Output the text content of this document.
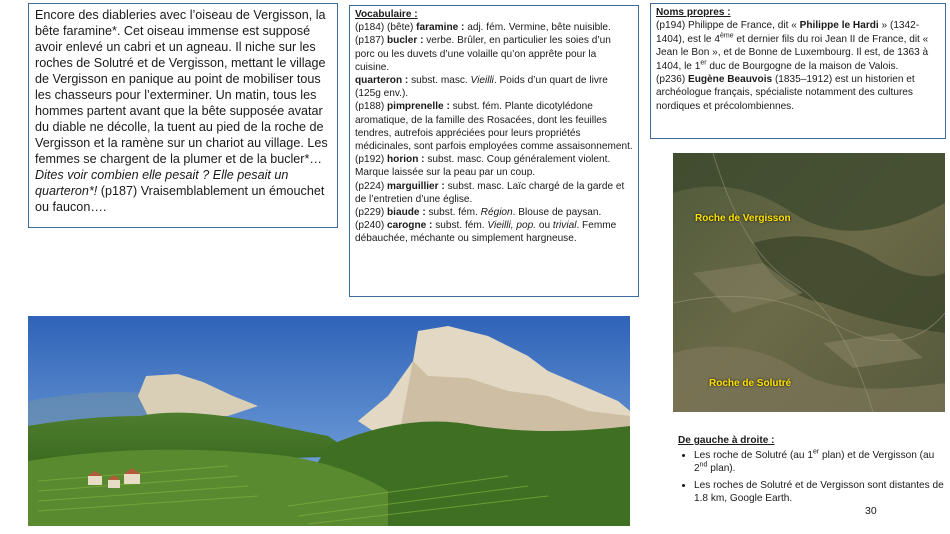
Encore des diableries avec l’oiseau de Vergisson, la bête faramine*. Cet oiseau immense est supposé avoir enlevé un cabri et un agneau. Il niche sur les roches de Solutré et de Vergisson, mettant le village de Vergisson en panique au point de mobiliser tous les chasseurs pour l’exterminer. Un matin, tous les hommes partent avant que la bête supposée avatar du diable ne décolle, la tuent au pied de la roche de Vergisson et la ramène sur un chariot au village. Les femmes se chargent de la plumer et de la bucler*… Dites voir combien elle pesait ? Elle pesait un quarteron*! (p187) Vraisemblablement un émouchet ou faucon….

Vocabulaire :

(p184) (bête) faramine : adj. fém. Vermine, bête nuisible.

(p187) bucler : verbe. Brûler, en particulier les soies d’un porc ou les duvets d’une volaille qu’on apprête pour la cuisine.

quarteron : subst. masc. Vieilli. Poids d’un quart de livre (125g env.).

(p188) pimprenelle : subst. fém. Plante dicotylédone aromatique, de la famille des Rosacées, dont les feuilles tendres, autrefois appréciées pour leurs propriétés médicinales, sont parfois employées comme assaisonnement.

(p192) horion : subst. masc. Coup généralement violent. Marque laissée sur la peau par un coup.

(p224) marguillier : subst. masc. Laïc chargé de la garde et de l’entretien d’une église.

(p229) biaude : subst. fém. Région. Blouse de paysan.

(p240) carogne : subst. fém. Vieilli, pop. ou trivial. Femme débauchée, méchante ou simplement hargneuse.

Noms propres :

(p194) Philippe de France, dit « Philippe le Hardi » (1342-1404), est le 4ème et dernier fils du roi Jean II de France, dit « Jean le Bon », et de Bonne de Luxembourg. Il est, de 1363 à 1404, le 1er duc de Bourgogne de la maison de Valois.

(p236) Eugène Beauvois (1835–1912) est un historien et archéologue français, spécialiste notamment des cultures nordiques et précolombiennes.

Roche de Vergisson
Roche de Solutré
De gauche à droite :
• Les roche de Solutré (au 1er plan) et de Vergisson (au 2nd plan).
• Les roches de Solutré et de Vergisson sont distantes de 1.8 km, Google Earth.
30
